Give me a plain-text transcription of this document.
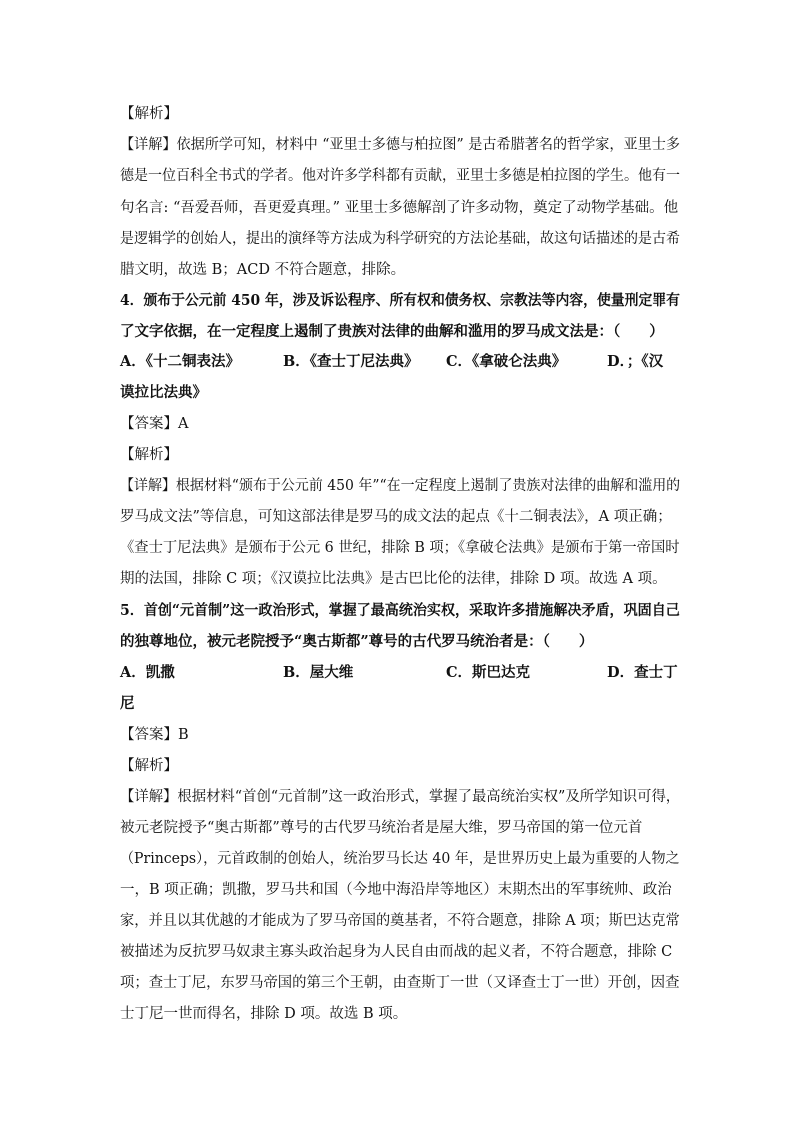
【解析】
【详解】依据所学可知，材料中 “亚里士多德与柏拉图” 是古希腊著名的哲学家，亚里士多
德是一位百科全书式的学者。他对许多学科都有贡献，亚里士多德是柏拉图的学生。他有一
句名言: “吾爱吾师，吾更爱真理。” 亚里士多德解剖了许多动物，奠定了动物学基础。他
是逻辑学的创始人，提出的演绎等方法成为科学研究的方法论基础，故这句话描述的是古希
腊文明，故选 B；ACD 不符合题意，排除。
4．颁布于公元前 450 年，涉及诉讼程序、所有权和债务权、宗教法等内容，使量刑定罪有
了文字依据，在一定程度上遏制了贵族对法律的曲解和滥用的罗马成文法是：（　　）
A．《十二铜表法》	B．《查士丁尼法典》 C．《拿破仑法典》	D．；《汉
谟拉比法典》
【答案】A
【解析】
【详解】根据材料“颁布于公元前 450 年”“在一定程度上遏制了贵族对法律的曲解和滥用的
罗马成文法”等信息，可知这部法律是罗马的成文法的起点《十二铜表法》，A 项正确；
《查士丁尼法典》是颁布于公元 6 世纪，排除 B 项；《拿破仑法典》是颁布于第一帝国时
期的法国，排除 C 项；《汉谟拉比法典》是古巴比伦的法律，排除 D 项。故选 A 项。
5．首创“元首制”这一政治形式，掌握了最高统治实权，采取许多措施解决矛盾，巩固自己
的独尊地位，被元老院授予“奥古斯都”尊号的古代罗马统治者是：（　　）
A．凯撒	B．屋大维	C．斯巴达克	D．查士丁
尼
【答案】B
【解析】
【详解】根据材料“首创“元首制”这一政治形式，掌握了最高统治实权”及所学知识可得，
被元老院授予“奥古斯都”尊号的古代罗马统治者是屋大维，罗马帝国的第一位元首
（Princeps），元首政制的创始人，统治罗马长达 40 年，是世界历史上最为重要的人物之
一，B 项正确；凯撒，罗马共和国（今地中海沿岸等地区）末期杰出的军事统帅、政治
家，并且以其优越的才能成为了罗马帝国的奠基者，不符合题意，排除 A 项；斯巴达克常
被描述为反抗罗马奴隶主寡头政治起身为人民自由而战的起义者，不符合题意，排除 C
项；查士丁尼，东罗马帝国的第三个王朝，由查斯丁一世（又译查士丁一世）开创，因查
士丁尼一世而得名，排除 D 项。故选 B 项。
